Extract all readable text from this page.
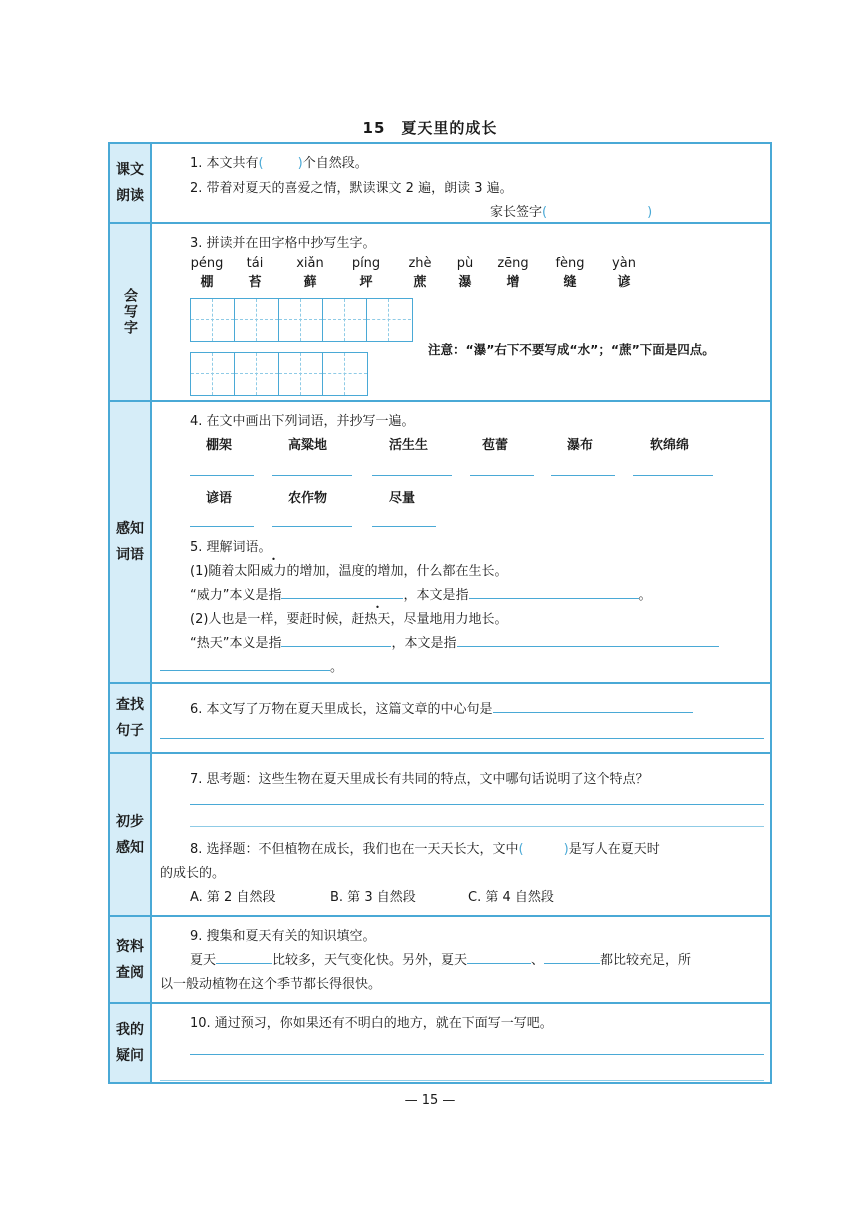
15 夏天里的成长
课文朗读
1. 本文共有(	)个自然段。
2. 带着对夏天的喜爱之情，默读课文 2 遍，朗读 3 遍。
家长签字(	)
会写字
3. 拼读并在田字格中抄写生字。
péng	tái	xiǎn	píng	zhè	pù	zēng	fèng	yàn
棚	苔	藓	坪	蔗	瀑	增	缝	谚
注意：“瀑”右下不要写成“水”；“蔗”下面是四点。
感知词语
4. 在文中画出下列词语，并抄写一遍。
棚架	高粱地	活生生	苞蕾	瀑布	软绵绵
谚语	农作物	尽量
5. 理解词语。
(1)随着太阳威力的增加，温度的增加，什么都在生长。
“威力”本义是指	，本文是指	。
(2)人也是一样，要赶时候，赶热天，尽量地用力地长。
“热天”本义是指	，本文是指
。
查找句子
6. 本文写了万物在夏天里成长，这篇文章的中心句是
初步感知
7. 思考题：这些生物在夏天里成长有共同的特点，文中哪句话说明了这个特点？
8. 选择题：不但植物在成长，我们也在一天天长大，文中(	)是写人在夏天时
的成长的。
A. 第 2 自然段	B. 第 3 自然段	C. 第 4 自然段
资料查阅
9. 搜集和夏天有关的知识填空。
夏天	比较多，天气变化快。另外，夏天	、	都比较充足，所
以一般动植物在这个季节都长得很快。
我的疑问
10. 通过预习，你如果还有不明白的地方，就在下面写一写吧。
— 15 —
